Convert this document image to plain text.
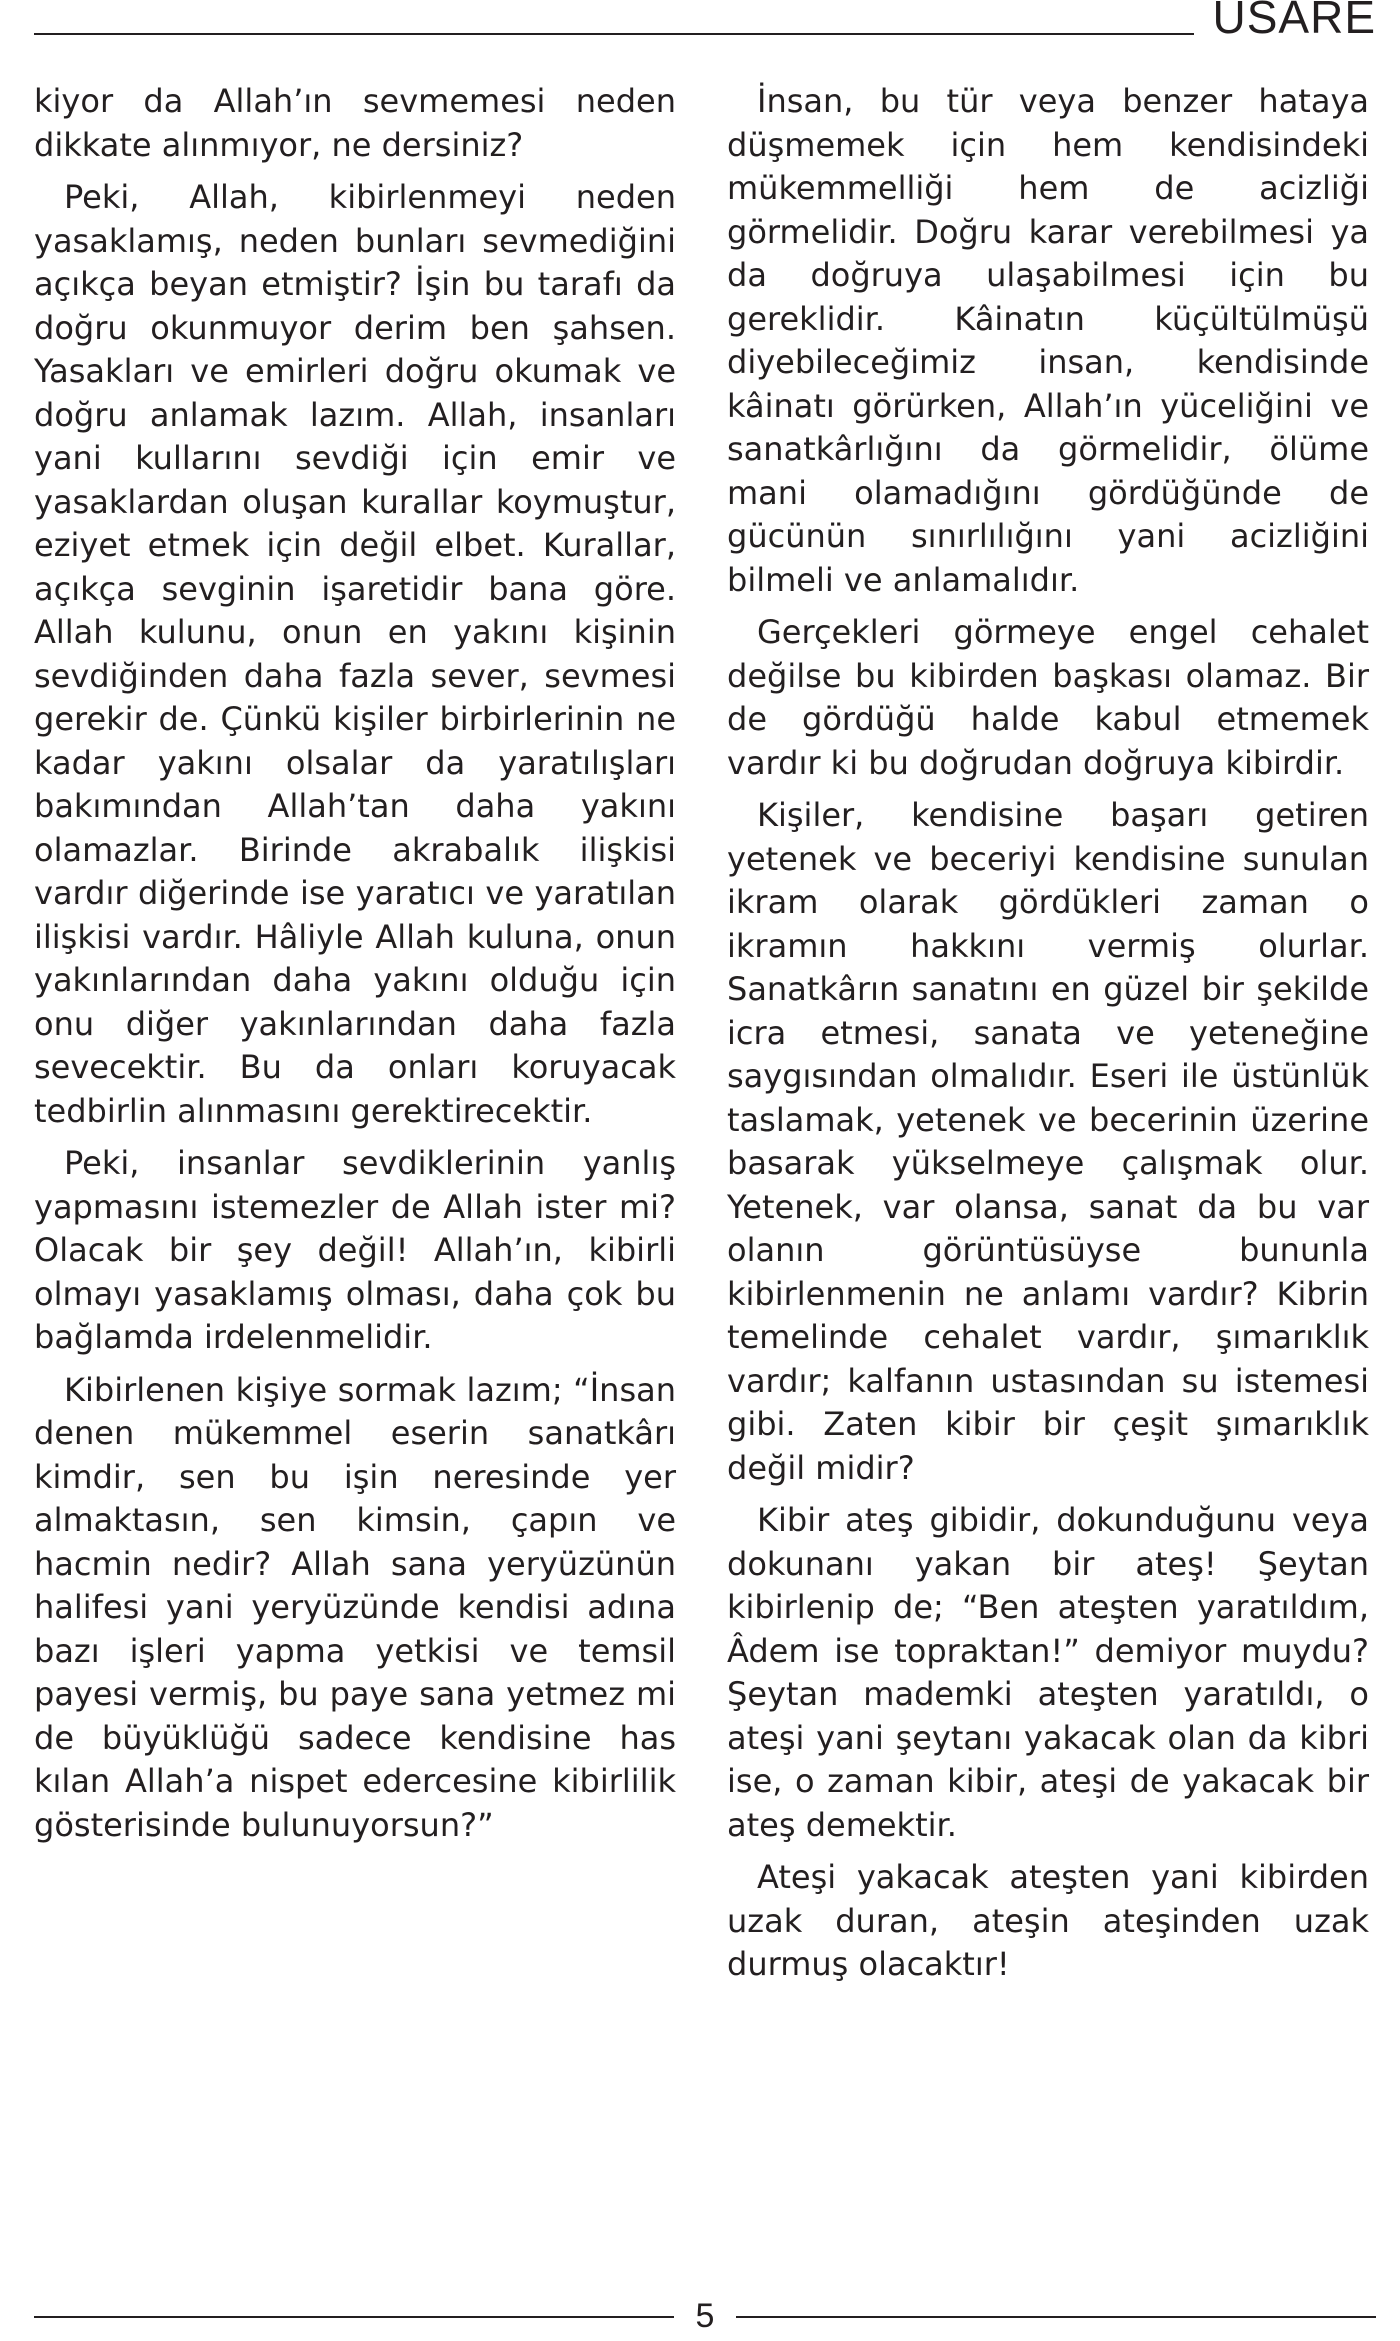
USARE

kiyor da Allah’ın sevmemesi neden dikkate alınmıyor, ne dersiniz?

Peki, Allah, kibirlenmeyi neden yasaklamış, neden bunları sevmediğini açıkça beyan etmiştir? İşin bu tarafı da doğru okunmuyor derim ben şahsen. Yasakları ve emirleri doğru okumak ve doğru anlamak lazım. Allah, insanları yani kullarını sevdiği için emir ve yasaklardan oluşan kurallar koymuştur, eziyet etmek için değil elbet. Kurallar, açıkça sevginin işaretidir bana göre. Allah kulunu, onun en yakını kişinin sevdiğinden daha fazla sever, sevmesi gerekir de. Çünkü kişiler birbirlerinin ne kadar yakını olsalar da yaratılışları bakımından Allah’tan daha yakını olamazlar. Birinde akrabalık ilişkisi vardır diğerinde ise yaratıcı ve yaratılan ilişkisi vardır. Hâliyle Allah kuluna, onun yakınlarından daha yakını olduğu için onu diğer yakınlarından daha fazla sevecektir. Bu da onları koruyacak tedbirlin alınmasını gerektirecektir.

Peki, insanlar sevdiklerinin yanlış yapmasını istemezler de Allah ister mi? Olacak bir şey değil! Allah’ın, kibirli olmayı yasaklamış olması, daha çok bu bağlamda irdelenmelidir.

Kibirlenen kişiye sormak lazım; “İnsan denen mükemmel eserin sanatkârı kimdir, sen bu işin neresinde yer almaktasın, sen kimsin, çapın ve hacmin nedir? Allah sana yeryüzünün halifesi yani yeryüzünde kendisi adına bazı işleri yapma yetkisi ve temsil payesi vermiş, bu paye sana yetmez mi de büyüklüğü sadece kendisine has kılan Allah’a nispet edercesine kibirlilik gösterisinde bulunuyorsun?”

İnsan, bu tür veya benzer hataya düşmemek için hem kendisindeki mükemmelliği hem de acizliği görmelidir. Doğru karar verebilmesi ya da doğruya ulaşabilmesi için bu gereklidir. Kâinatın küçültülmüşü diyebileceğimiz insan, kendisinde kâinatı görürken, Allah’ın yüceliğini ve sanatkârlığını da görmelidir, ölüme mani olamadığını gördüğünde de gücünün sınırlılığını yani acizliğini bilmeli ve anlamalıdır.

Gerçekleri görmeye engel cehalet değilse bu kibirden başkası olamaz. Bir de gördüğü halde kabul etmemek vardır ki bu doğrudan doğruya kibirdir.

Kişiler, kendisine başarı getiren yetenek ve beceriyi kendisine sunulan ikram olarak gördükleri zaman o ikramın hakkını vermiş olurlar. Sanatkârın sanatını en güzel bir şekilde icra etmesi, sanata ve yeteneğine saygısından olmalıdır. Eseri ile üstünlük taslamak, yetenek ve becerinin üzerine basarak yükselmeye çalışmak olur. Yetenek, var olansa, sanat da bu var olanın görüntüsüyse bununla kibirlenmenin ne anlamı vardır? Kibrin temelinde cehalet vardır, şımarıklık vardır; kalfanın ustasından su istemesi gibi. Zaten kibir bir çeşit şımarıklık değil midir?

Kibir ateş gibidir, dokunduğunu veya dokunanı yakan bir ateş! Şeytan kibirlenip de; “Ben ateşten yaratıldım, Âdem ise topraktan!” demiyor muydu? Şeytan mademki ateşten yaratıldı, o ateşi yani şeytanı yakacak olan da kibri ise, o zaman kibir, ateşi de yakacak bir ateş demektir.

Ateşi yakacak ateşten yani kibirden uzak duran, ateşin ateşinden uzak durmuş olacaktır!

5
